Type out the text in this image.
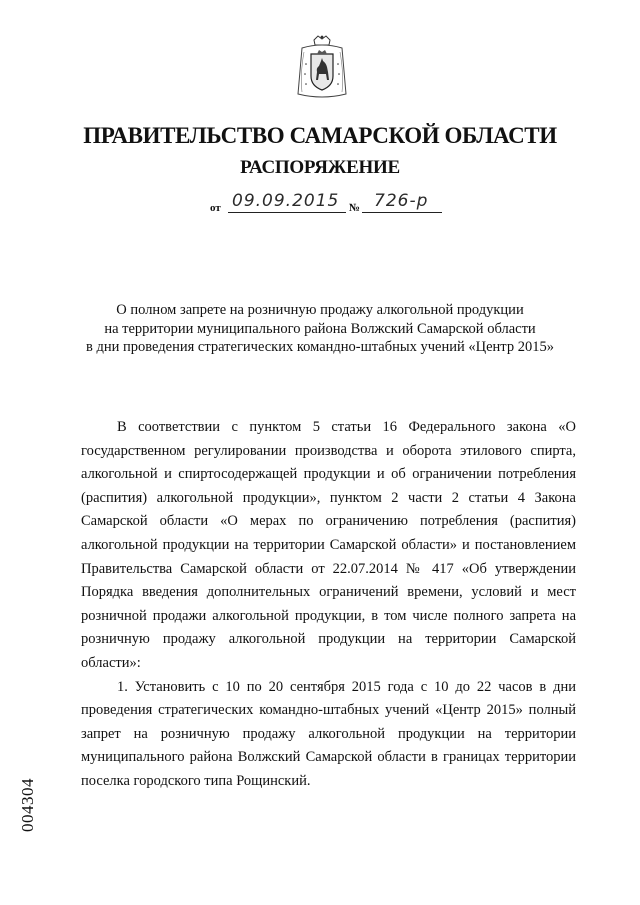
ПРАВИТЕЛЬСТВО САМАРСКОЙ ОБЛАСТИ
РАСПОРЯЖЕНИЕ
от 09.09.2015 № 726-р
О полном запрете на розничную продажу алкогольной продукции
на территории муниципального района Волжский Самарской области
в дни проведения стратегических командно-штабных учений «Центр 2015»

В соответствии с пунктом 5 статьи 16 Федерального закона «О государственном регулировании производства и оборота этилового спирта, алкогольной и спиртосодержащей продукции и об ограничении потребления (распития) алкогольной продукции», пунктом 2 части 2 статьи 4 Закона Самарской области «О мерах по ограничению потребления (распития) алкогольной продукции на территории Самарской области» и постановлением Правительства Самарской области от 22.07.2014 № 417 «Об утверждении Порядка введения дополнительных ограничений времени, условий и мест розничной продажи алкогольной продукции, в том числе полного запрета на розничную продажу алкогольной продукции на территории Самарской области»:

1. Установить с 10 по 20 сентября 2015 года с 10 до 22 часов в дни проведения стратегических командно-штабных учений «Центр 2015» полный запрет на розничную продажу алкогольной продукции на территории муниципального района Волжский Самарской области в границах территории поселка городского типа Рощинский.

004304
